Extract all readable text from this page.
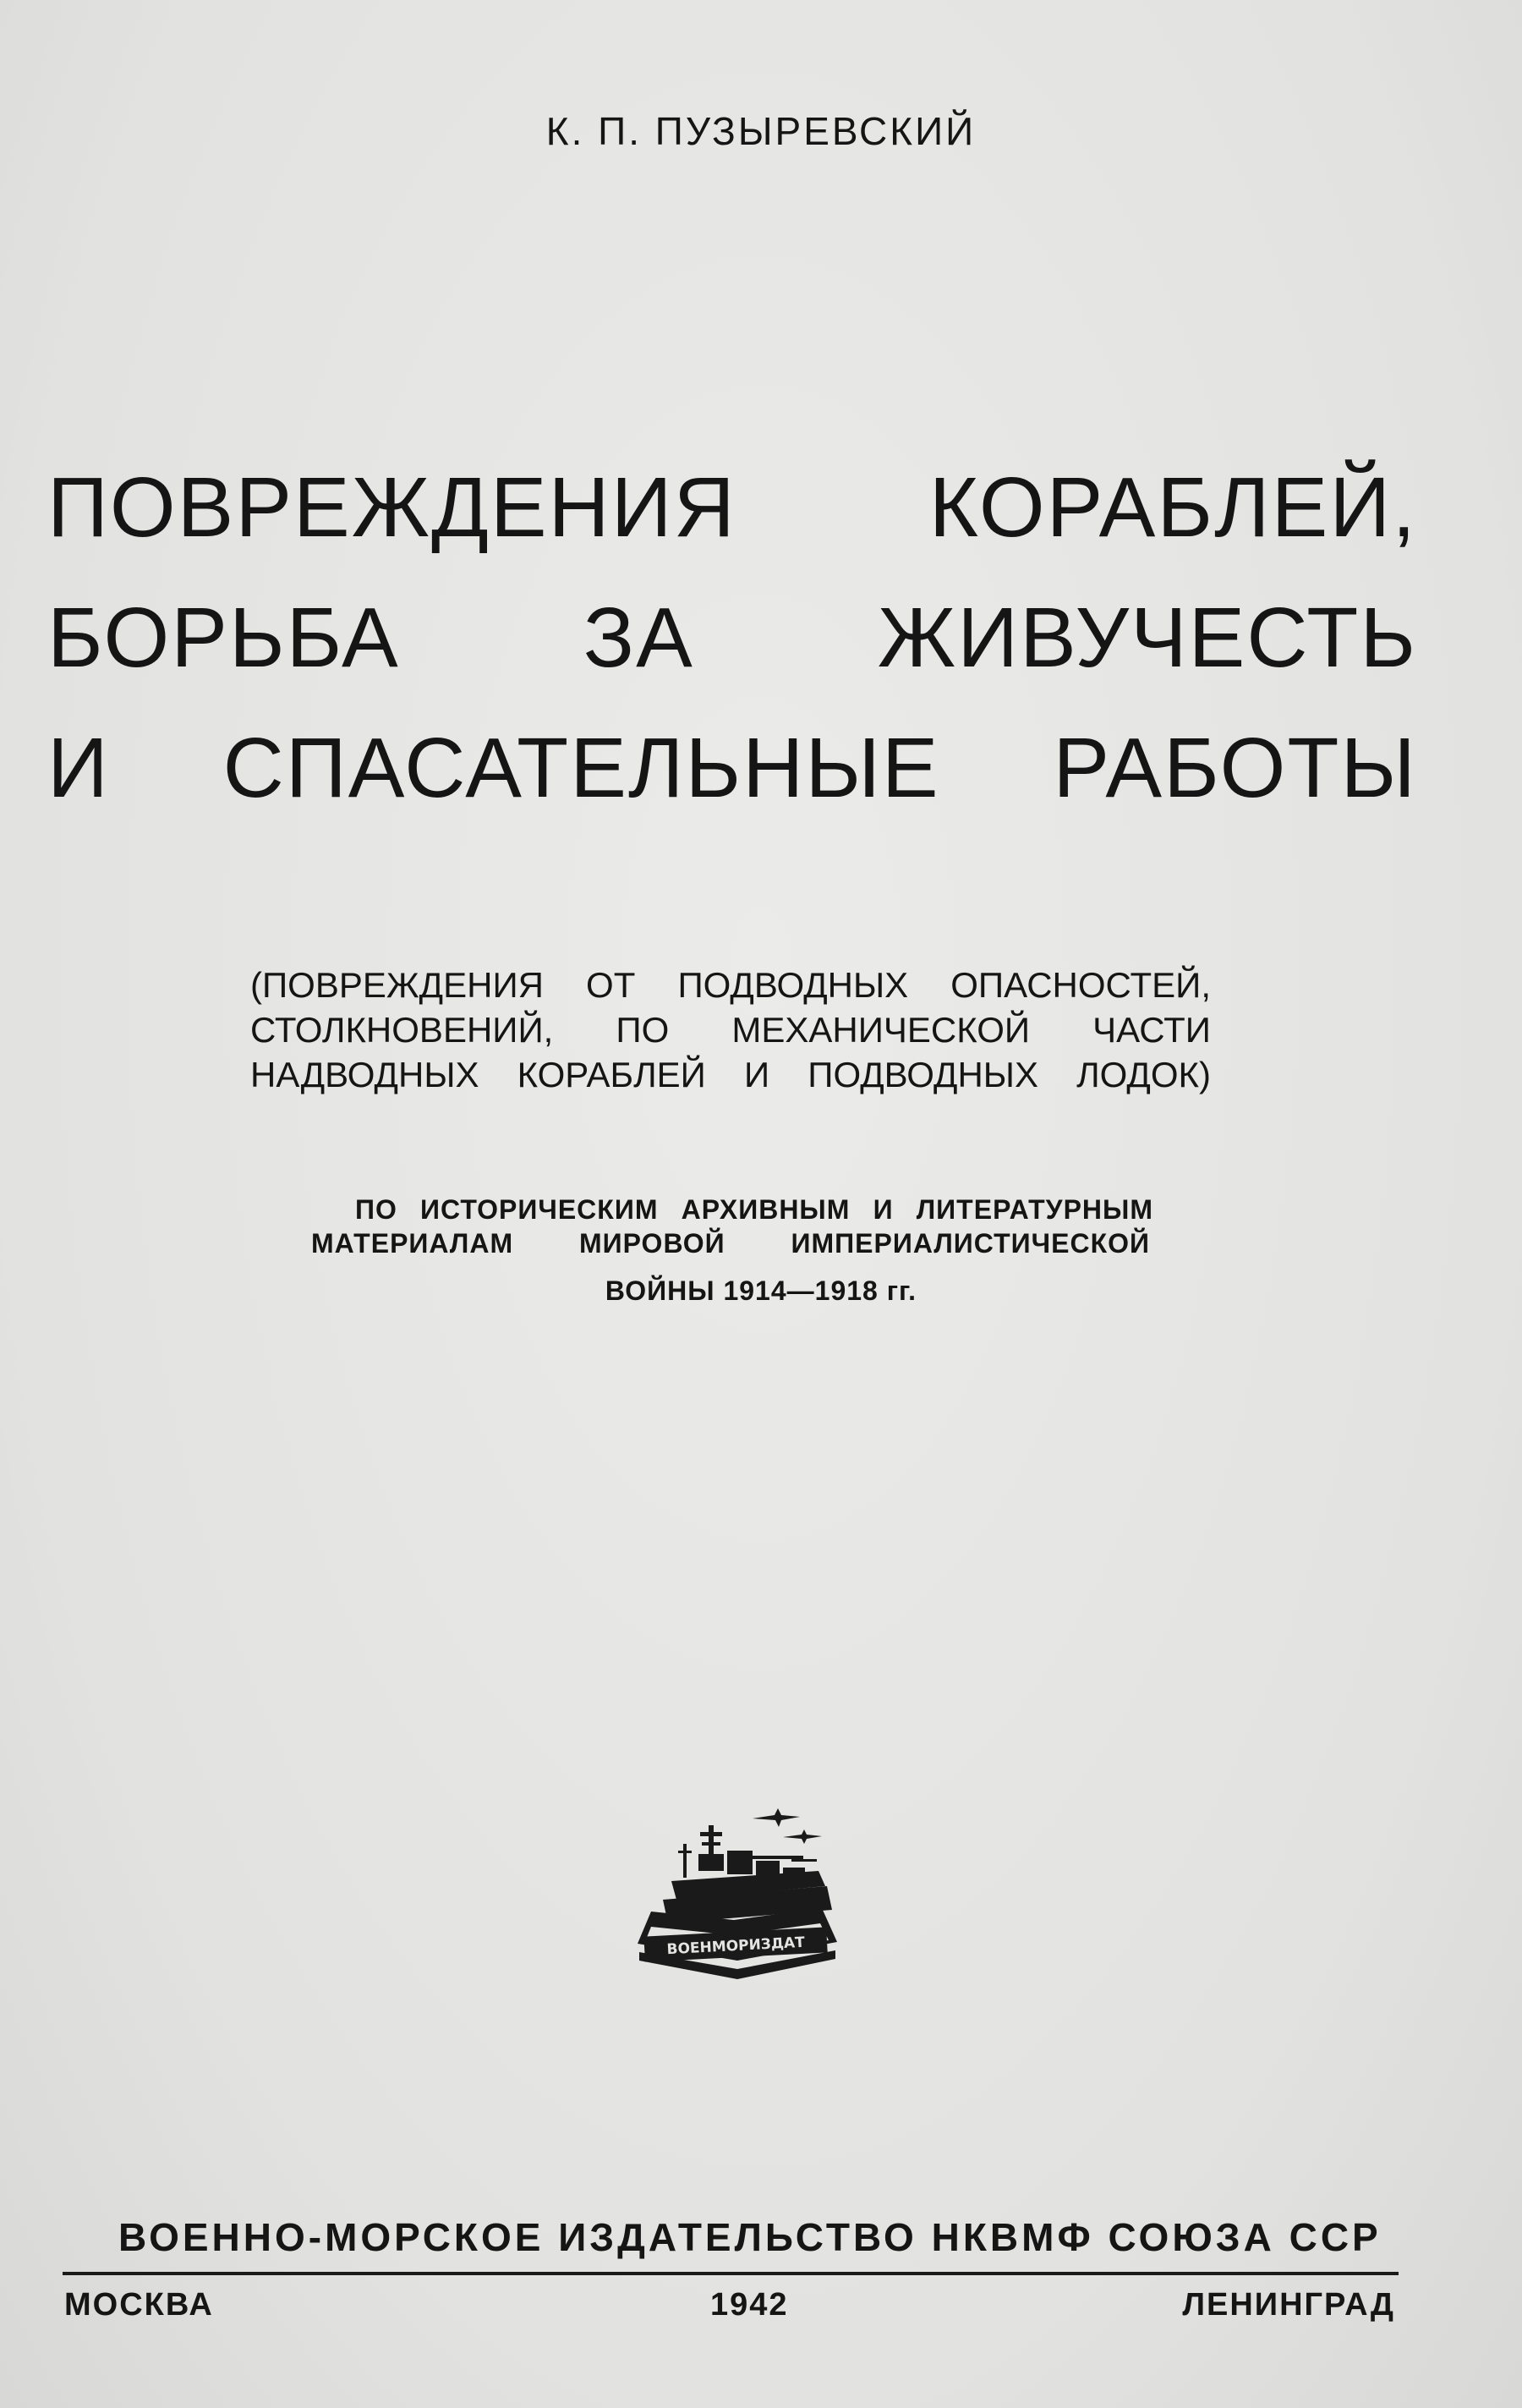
К. П. ПУЗЫРЕВСКИЙ
ПОВРЕЖДЕНИЯ КОРАБЛЕЙ,
БОРЬБА ЗА ЖИВУЧЕСТЬ
И СПАСАТЕЛЬНЫЕ РАБОТЫ
(ПОВРЕЖДЕНИЯ ОТ ПОДВОДНЫХ ОПАСНОСТЕЙ,
СТОЛКНОВЕНИЙ, ПО МЕХАНИЧЕСКОЙ ЧАСТИ
НАДВОДНЫХ КОРАБЛЕЙ И ПОДВОДНЫХ ЛОДОК)
ПО ИСТОРИЧЕСКИМ АРХИВНЫМ И ЛИТЕРАТУРНЫМ
МАТЕРИАЛАМ МИРОВОЙ ИМПЕРИАЛИСТИЧЕСКОЙ
ВОЙНЫ 1914—1918 гг.
ВОЕНМОРИЗДАТ
ВОЕННО-МОРСКОЕ ИЗДАТЕЛЬСТВО НКВМФ СОЮЗА ССР
МОСКВА	1942	ЛЕНИНГРАД
